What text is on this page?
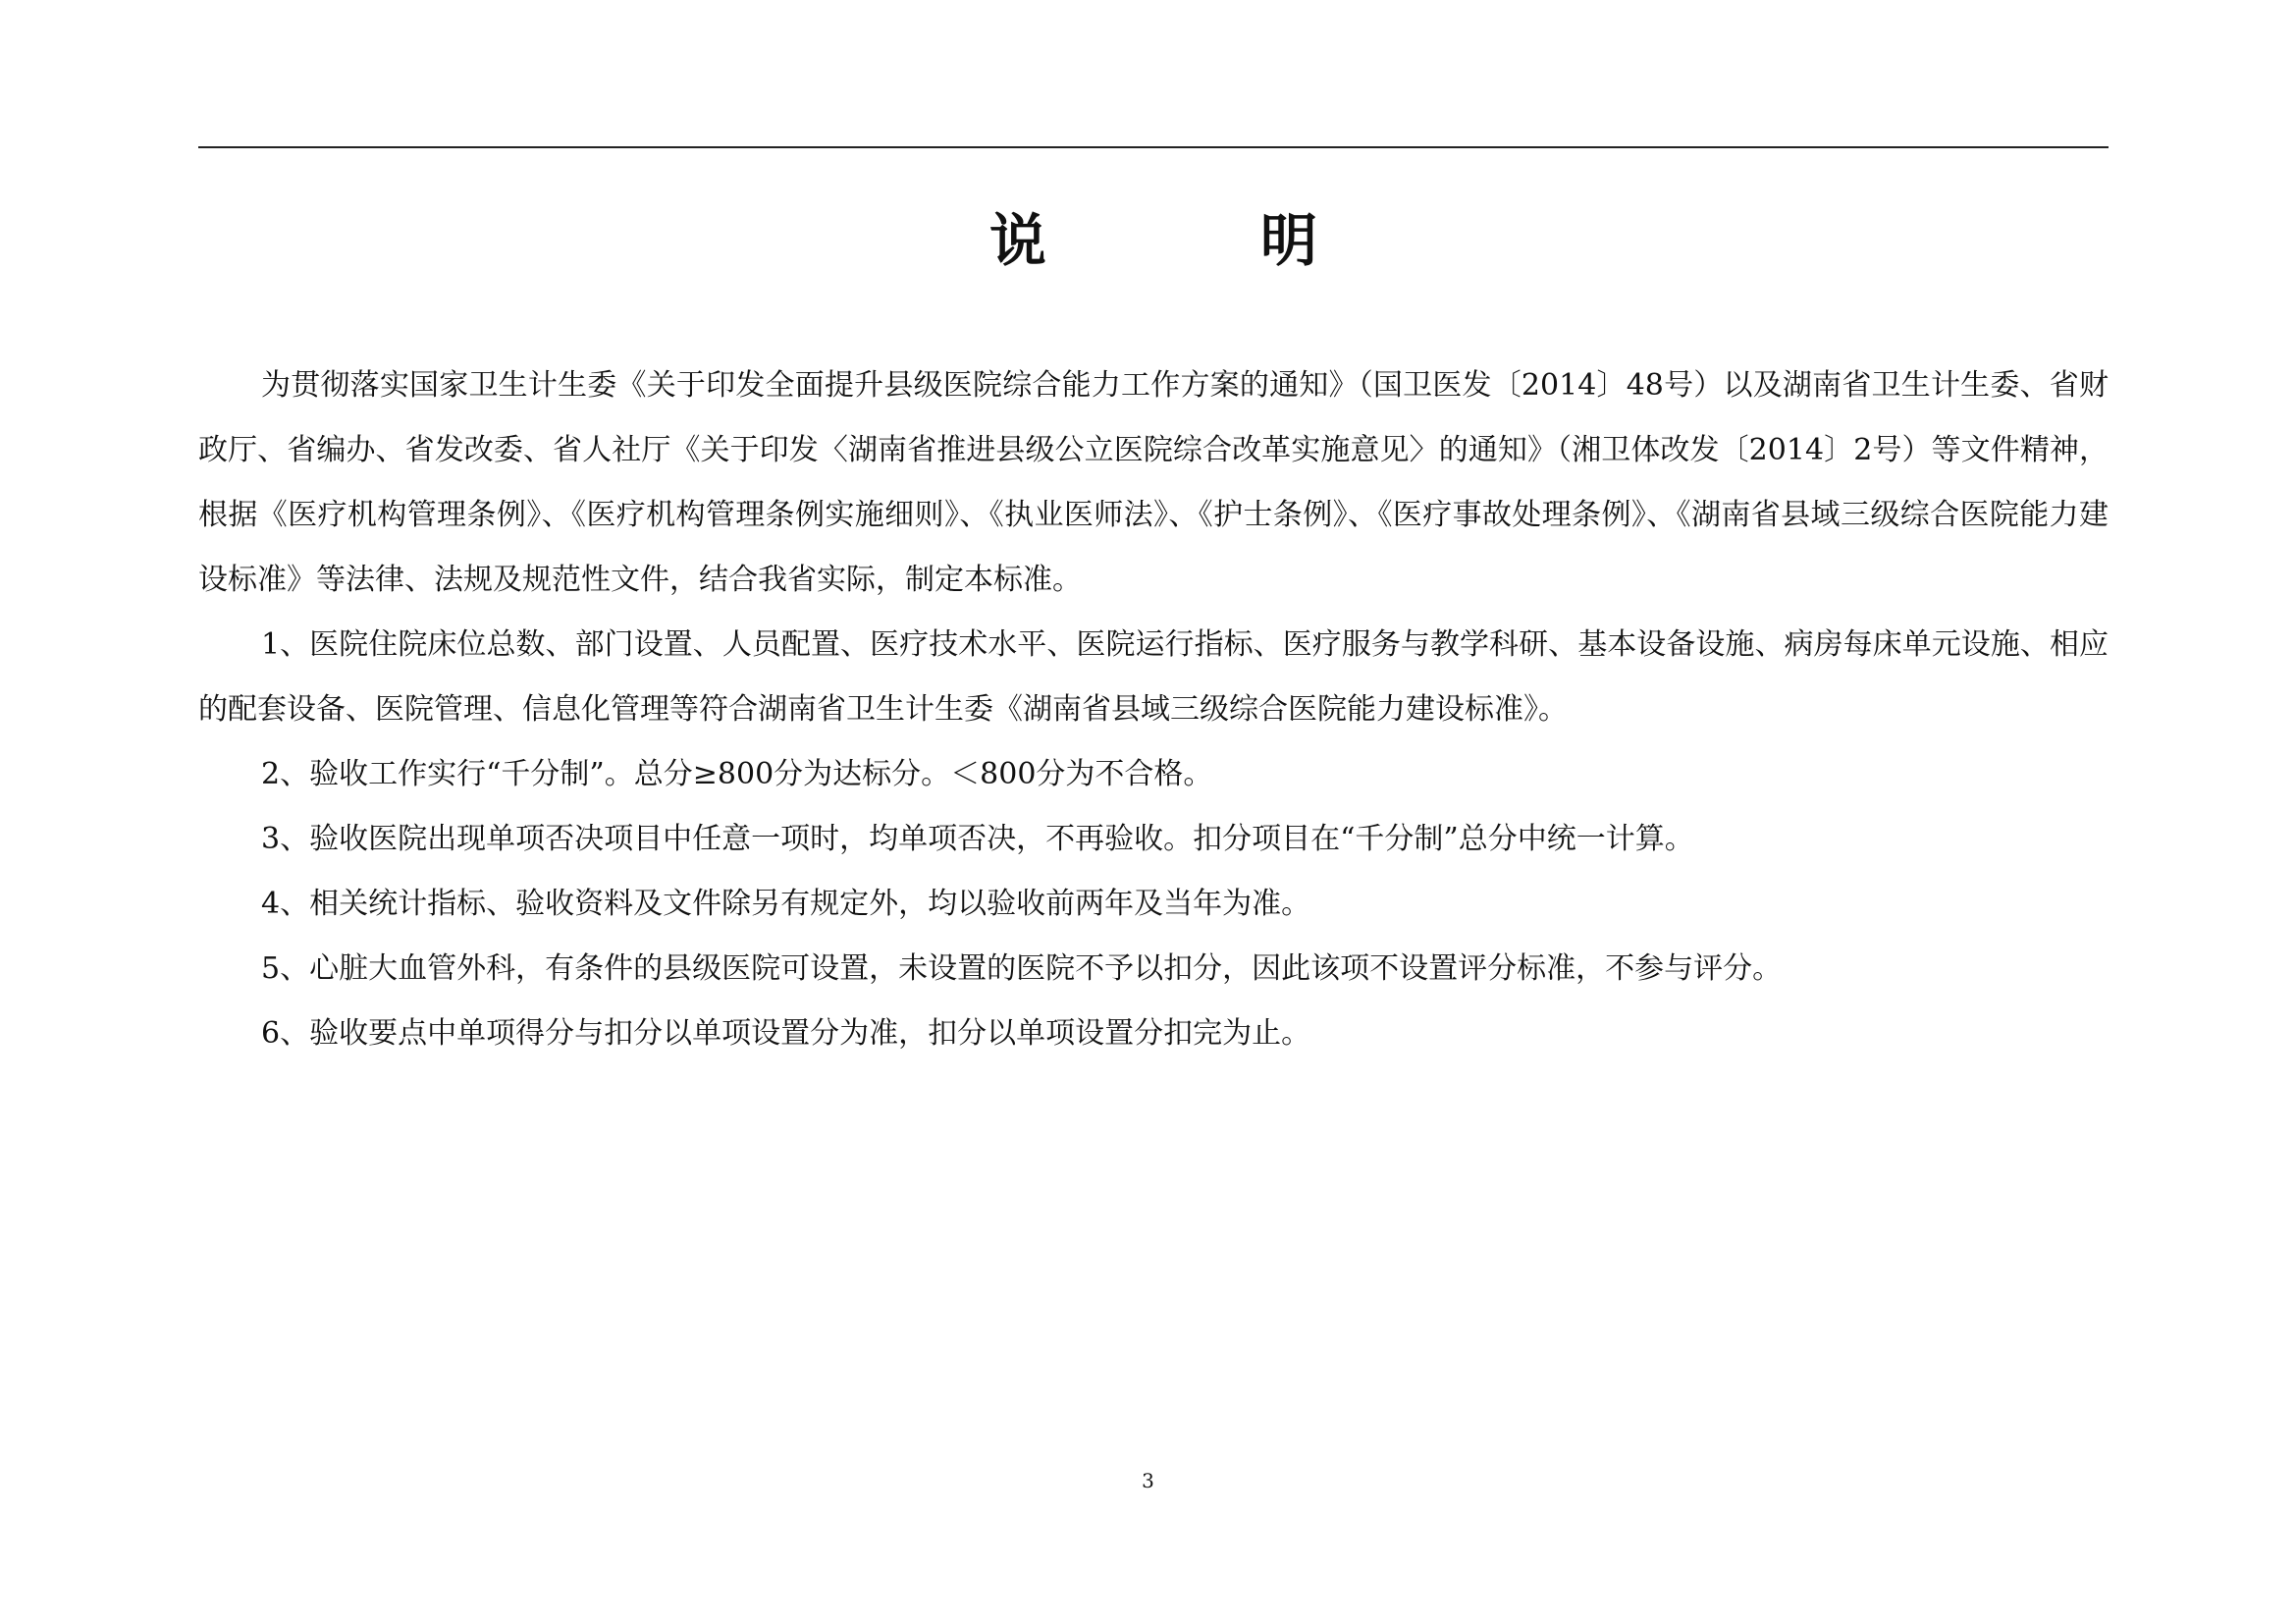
说　明

为贯彻落实国家卫生计生委《关于印发全面提升县级医院综合能力工作方案的通知》（国卫医发〔2014〕48号）以及湖南省卫生计生委、省财政厅、省编办、省发改委、省人社厅《关于印发〈湖南省推进县级公立医院综合改革实施意见〉的通知》（湘卫体改发〔2014〕2号）等文件精神，根据《医疗机构管理条例》、《医疗机构管理条例实施细则》、《执业医师法》、《护士条例》、《医疗事故处理条例》、《湖南省县域三级综合医院能力建设标准》等法律、法规及规范性文件，结合我省实际，制定本标准。

1、医院住院床位总数、部门设置、人员配置、医疗技术水平、医院运行指标、医疗服务与教学科研、基本设备设施、病房每床单元设施、相应的配套设备、医院管理、信息化管理等符合湖南省卫生计生委《湖南省县域三级综合医院能力建设标准》。

2、验收工作实行“千分制”。总分≥800分为达标分。＜800分为不合格。

3、验收医院出现单项否决项目中任意一项时，均单项否决，不再验收。扣分项目在“千分制”总分中统一计算。

4、相关统计指标、验收资料及文件除另有规定外，均以验收前两年及当年为准。

5、心脏大血管外科，有条件的县级医院可设置，未设置的医院不予以扣分，因此该项不设置评分标准，不参与评分。

6、验收要点中单项得分与扣分以单项设置分为准，扣分以单项设置分扣完为止。

3
